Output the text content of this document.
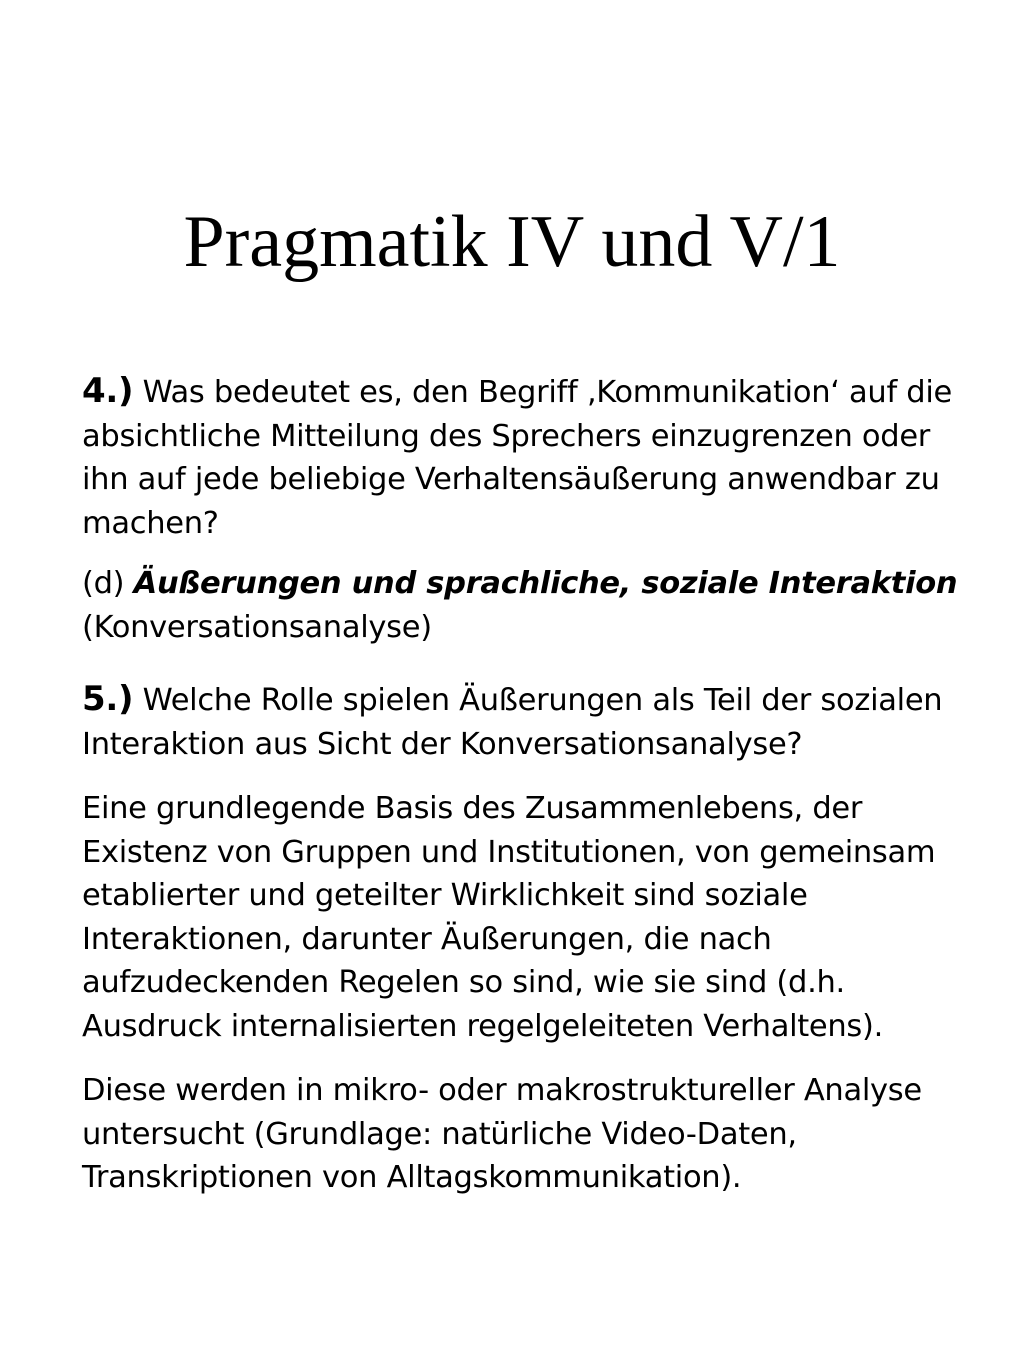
Pragmatik IV und V/1

4.) Was bedeutet es, den Begriff ‚Kommunikation‘ auf die absichtliche Mitteilung des Sprechers einzugrenzen oder ihn auf jede beliebige Verhaltensäußerung anwendbar zu machen?

(d) Äußerungen und sprachliche, soziale Interaktion
(Konversationsanalyse)

5.) Welche Rolle spielen Äußerungen als Teil der sozialen Interaktion aus Sicht der Konversationsanalyse?

Eine grundlegende Basis des Zusammenlebens, der Existenz von Gruppen und Institutionen, von gemeinsam etablierter und geteilter Wirklichkeit sind soziale Interaktionen, darunter Äußerungen, die nach aufzudeckenden Regelen so sind, wie sie sind (d.h. Ausdruck internalisierten regelgeleiteten Verhaltens).

Diese werden in mikro- oder makrostruktureller Analyse untersucht (Grundlage: natürliche Video-Daten, Transkriptionen von Alltagskommunikation).
